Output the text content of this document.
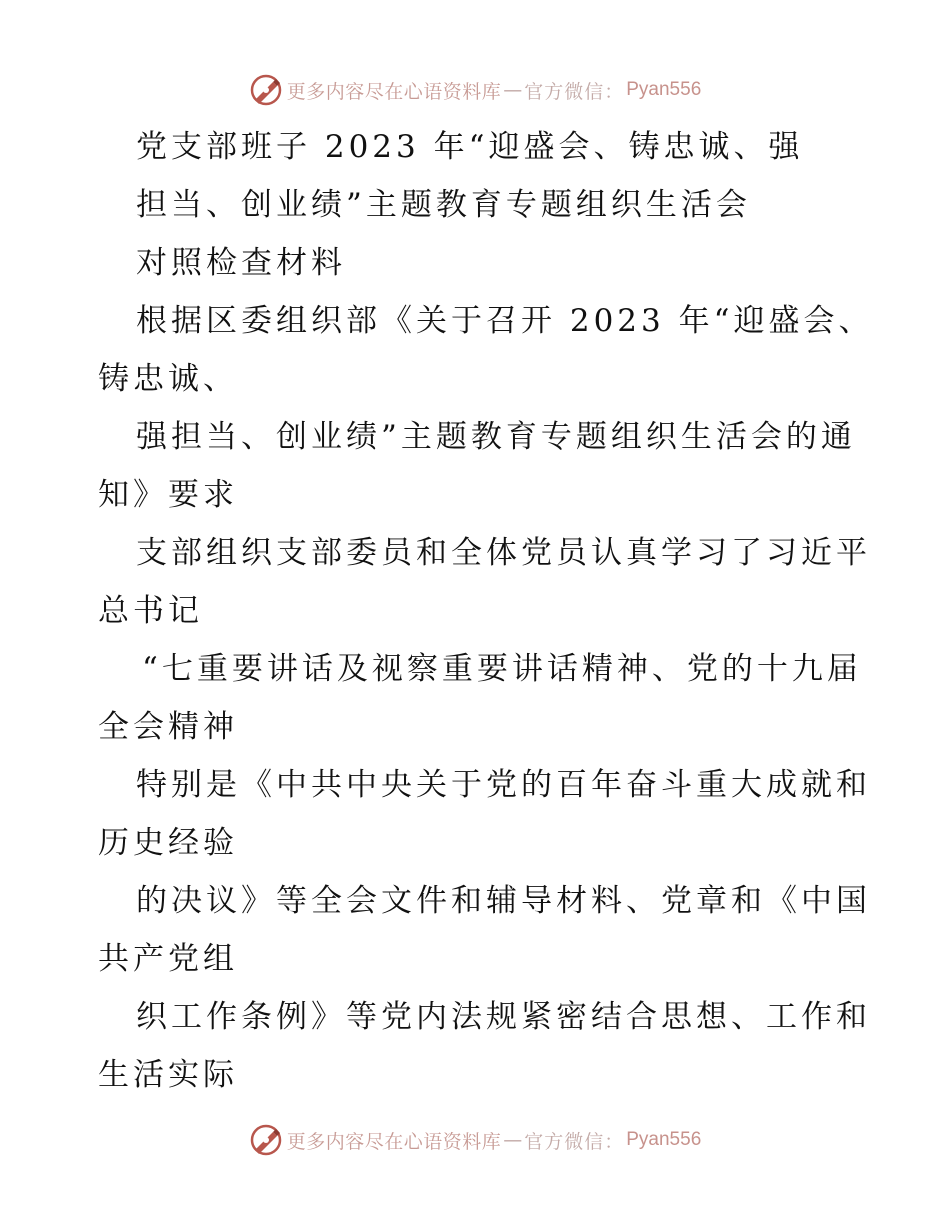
更多内容尽在心语资料库 — 官方微信： Pyan556
党支部班子 2023 年“迎盛会、铸忠诚、强
担当、创业绩”主题教育专题组织生活会
对照检查材料
根据区委组织部《关于召开 2023 年“迎盛会、
铸忠诚、
强担当、创业绩”主题教育专题组织生活会的通
知》要求
支部组织支部委员和全体党员认真学习了习近平
总书记
“七重要讲话及视察重要讲话精神、党的十九届
全会精神
特别是《中共中央关于党的百年奋斗重大成就和
历史经验
的决议》等全会文件和辅导材料、党章和《中国
共产党组
织工作条例》等党内法规紧密结合思想、工作和
生活实际
更多内容尽在心语资料库 — 官方微信： Pyan556
